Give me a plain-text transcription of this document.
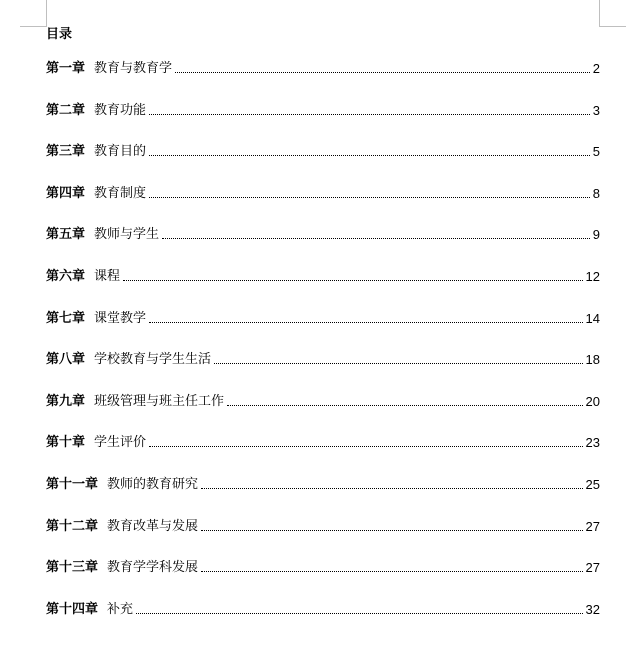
目录
第一章 教育与教育学	2
第二章 教育功能	3
第三章 教育目的	5
第四章 教育制度	8
第五章 教师与学生	9
第六章 课程	12
第七章 课堂教学	14
第八章 学校教育与学生生活	18
第九章 班级管理与班主任工作	20
第十章 学生评价	23
第十一章 教师的教育研究	25
第十二章 教育改革与发展	27
第十三章 教育学学科发展	27
第十四章 补充	32
